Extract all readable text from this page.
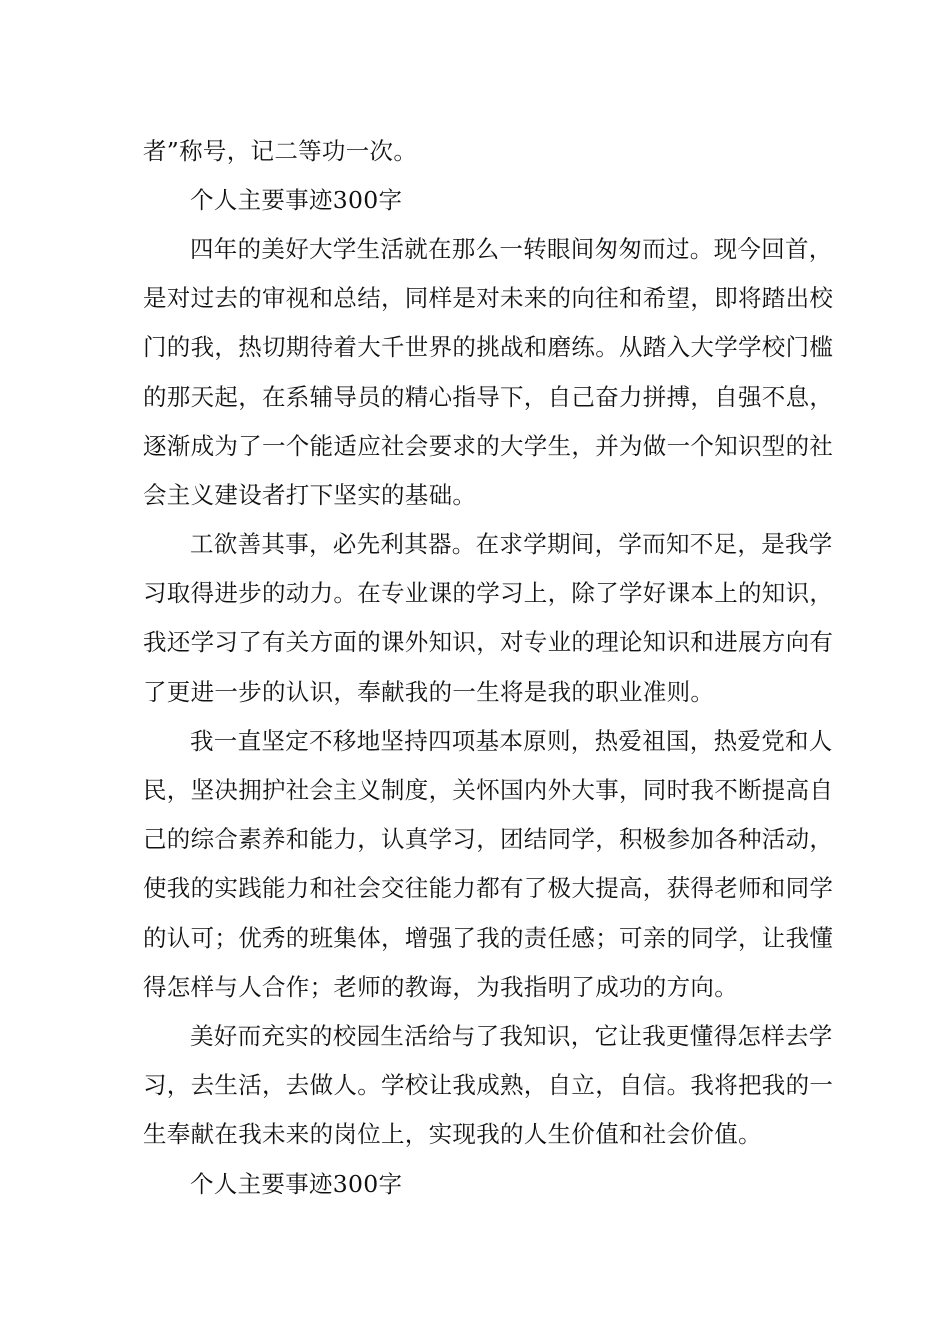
者”称号，记二等功一次。
个人主要事迹300字
四年的美好大学生活就在那么一转眼间匆匆而过。现今回首，
是对过去的审视和总结，同样是对未来的向往和希望，即将踏出校
门的我，热切期待着大千世界的挑战和磨练。从踏入大学学校门槛
的那天起，在系辅导员的精心指导下，自己奋力拼搏，自强不息，
逐渐成为了一个能适应社会要求的大学生，并为做一个知识型的社
会主义建设者打下坚实的基础。
工欲善其事，必先利其器。在求学期间，学而知不足，是我学
习取得进步的动力。在专业课的学习上，除了学好课本上的知识，
我还学习了有关方面的课外知识，对专业的理论知识和进展方向有
了更进一步的认识，奉献我的一生将是我的职业准则。
我一直坚定不移地坚持四项基本原则，热爱祖国，热爱党和人
民，坚决拥护社会主义制度，关怀国内外大事，同时我不断提高自
己的综合素养和能力，认真学习，团结同学，积极参加各种活动，
使我的实践能力和社会交往能力都有了极大提高，获得老师和同学
的认可；优秀的班集体，增强了我的责任感；可亲的同学，让我懂
得怎样与人合作；老师的教诲，为我指明了成功的方向。
美好而充实的校园生活给与了我知识，它让我更懂得怎样去学
习，去生活，去做人。学校让我成熟，自立，自信。我将把我的一
生奉献在我未来的岗位上，实现我的人生价值和社会价值。
个人主要事迹300字
